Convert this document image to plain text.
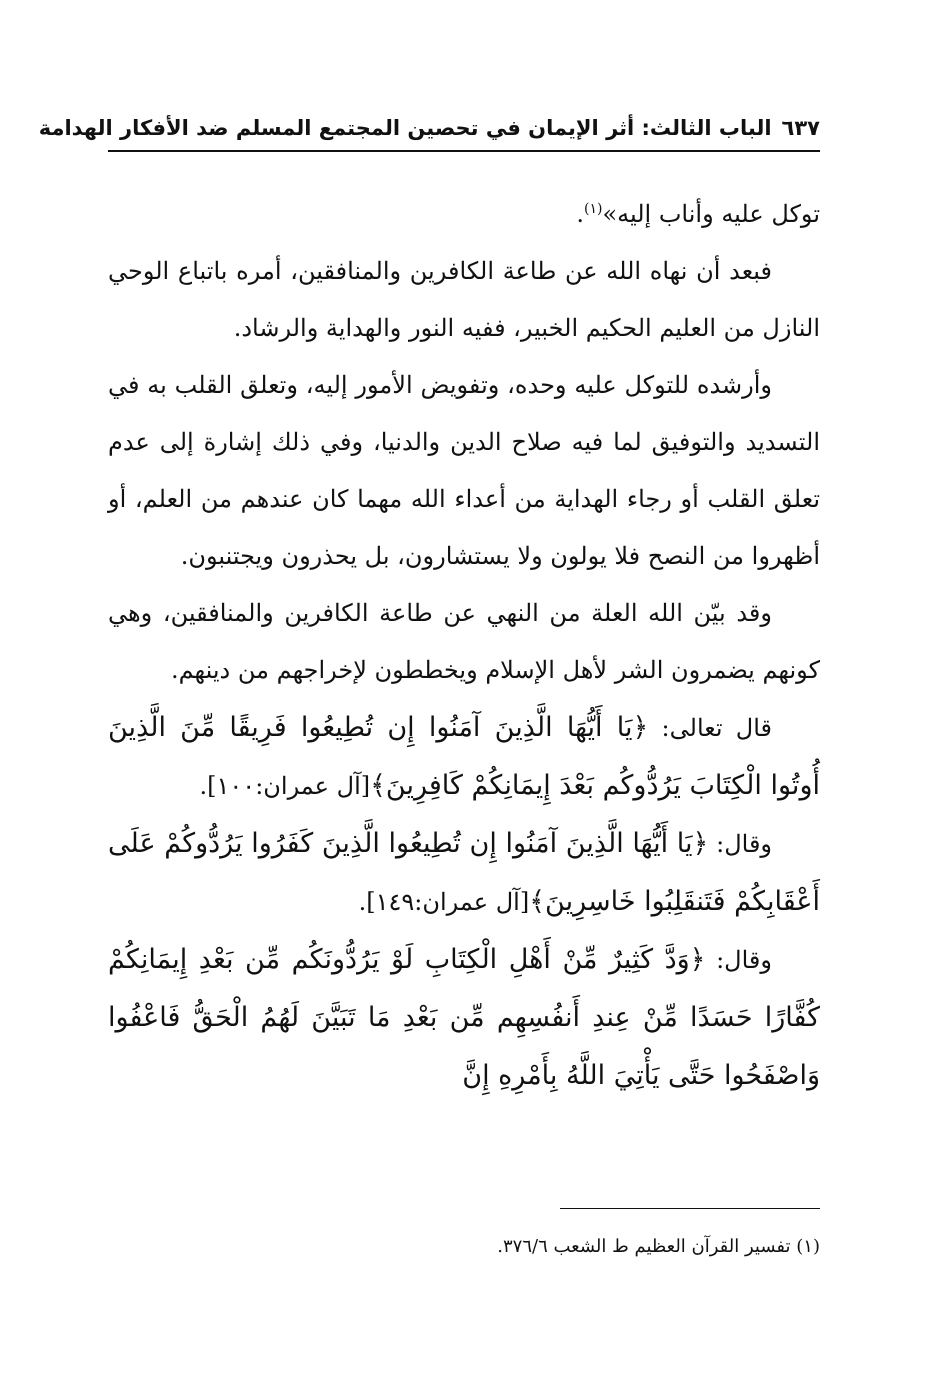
٦٣٧
الباب الثالث: أثر الإيمان في تحصين المجتمع المسلم ضد الأفكار الهدامة

توكل عليه وأناب إليه»$^{(١)}$.

فبعد أن نهاه الله عن طاعة الكافرين والمنافقين، أمره باتباع الوحي النازل من العليم الحكيم الخبير، ففيه النور والهداية والرشاد.

وأرشده للتوكل عليه وحده، وتفويض الأمور إليه، وتعلق القلب به في التسديد والتوفيق لما فيه صلاح الدين والدنيا، وفي ذلك إشارة إلى عدم تعلق القلب أو رجاء الهداية من أعداء الله مهما كان عندهم من العلم، أو أظهروا من النصح فلا يولون ولا يستشارون، بل يحذرون ويجتنبون.

وقد بيّن الله العلة من النهي عن طاعة الكافرين والمنافقين، وهي كونهم يضمرون الشر لأهل الإسلام ويخططون لإخراجهم من دينهم.

قال تعالى: ﴿يَا أَيُّهَا الَّذِينَ آمَنُوا إِن تُطِيعُوا فَرِيقًا مِّنَ الَّذِينَ أُوتُوا الْكِتَابَ يَرُدُّوكُم بَعْدَ إِيمَانِكُمْ كَافِرِينَ﴾[آل عمران:١٠٠].

وقال: ﴿يَا أَيُّهَا الَّذِينَ آمَنُوا إِن تُطِيعُوا الَّذِينَ كَفَرُوا يَرُدُّوكُمْ عَلَى أَعْقَابِكُمْ فَتَنقَلِبُوا خَاسِرِينَ﴾[آل عمران:١٤٩].

وقال: ﴿وَدَّ كَثِيرٌ مِّنْ أَهْلِ الْكِتَابِ لَوْ يَرُدُّونَكُم مِّن بَعْدِ إِيمَانِكُمْ كُفَّارًا حَسَدًا مِّنْ عِندِ أَنفُسِهِم مِّن بَعْدِ مَا تَبَيَّنَ لَهُمُ الْحَقُّ فَاعْفُوا وَاصْفَحُوا حَتَّى يَأْتِيَ اللَّهُ بِأَمْرِهِ إِنَّ

(١) تفسير القرآن العظيم ط الشعب ٣٧٦/٦.
